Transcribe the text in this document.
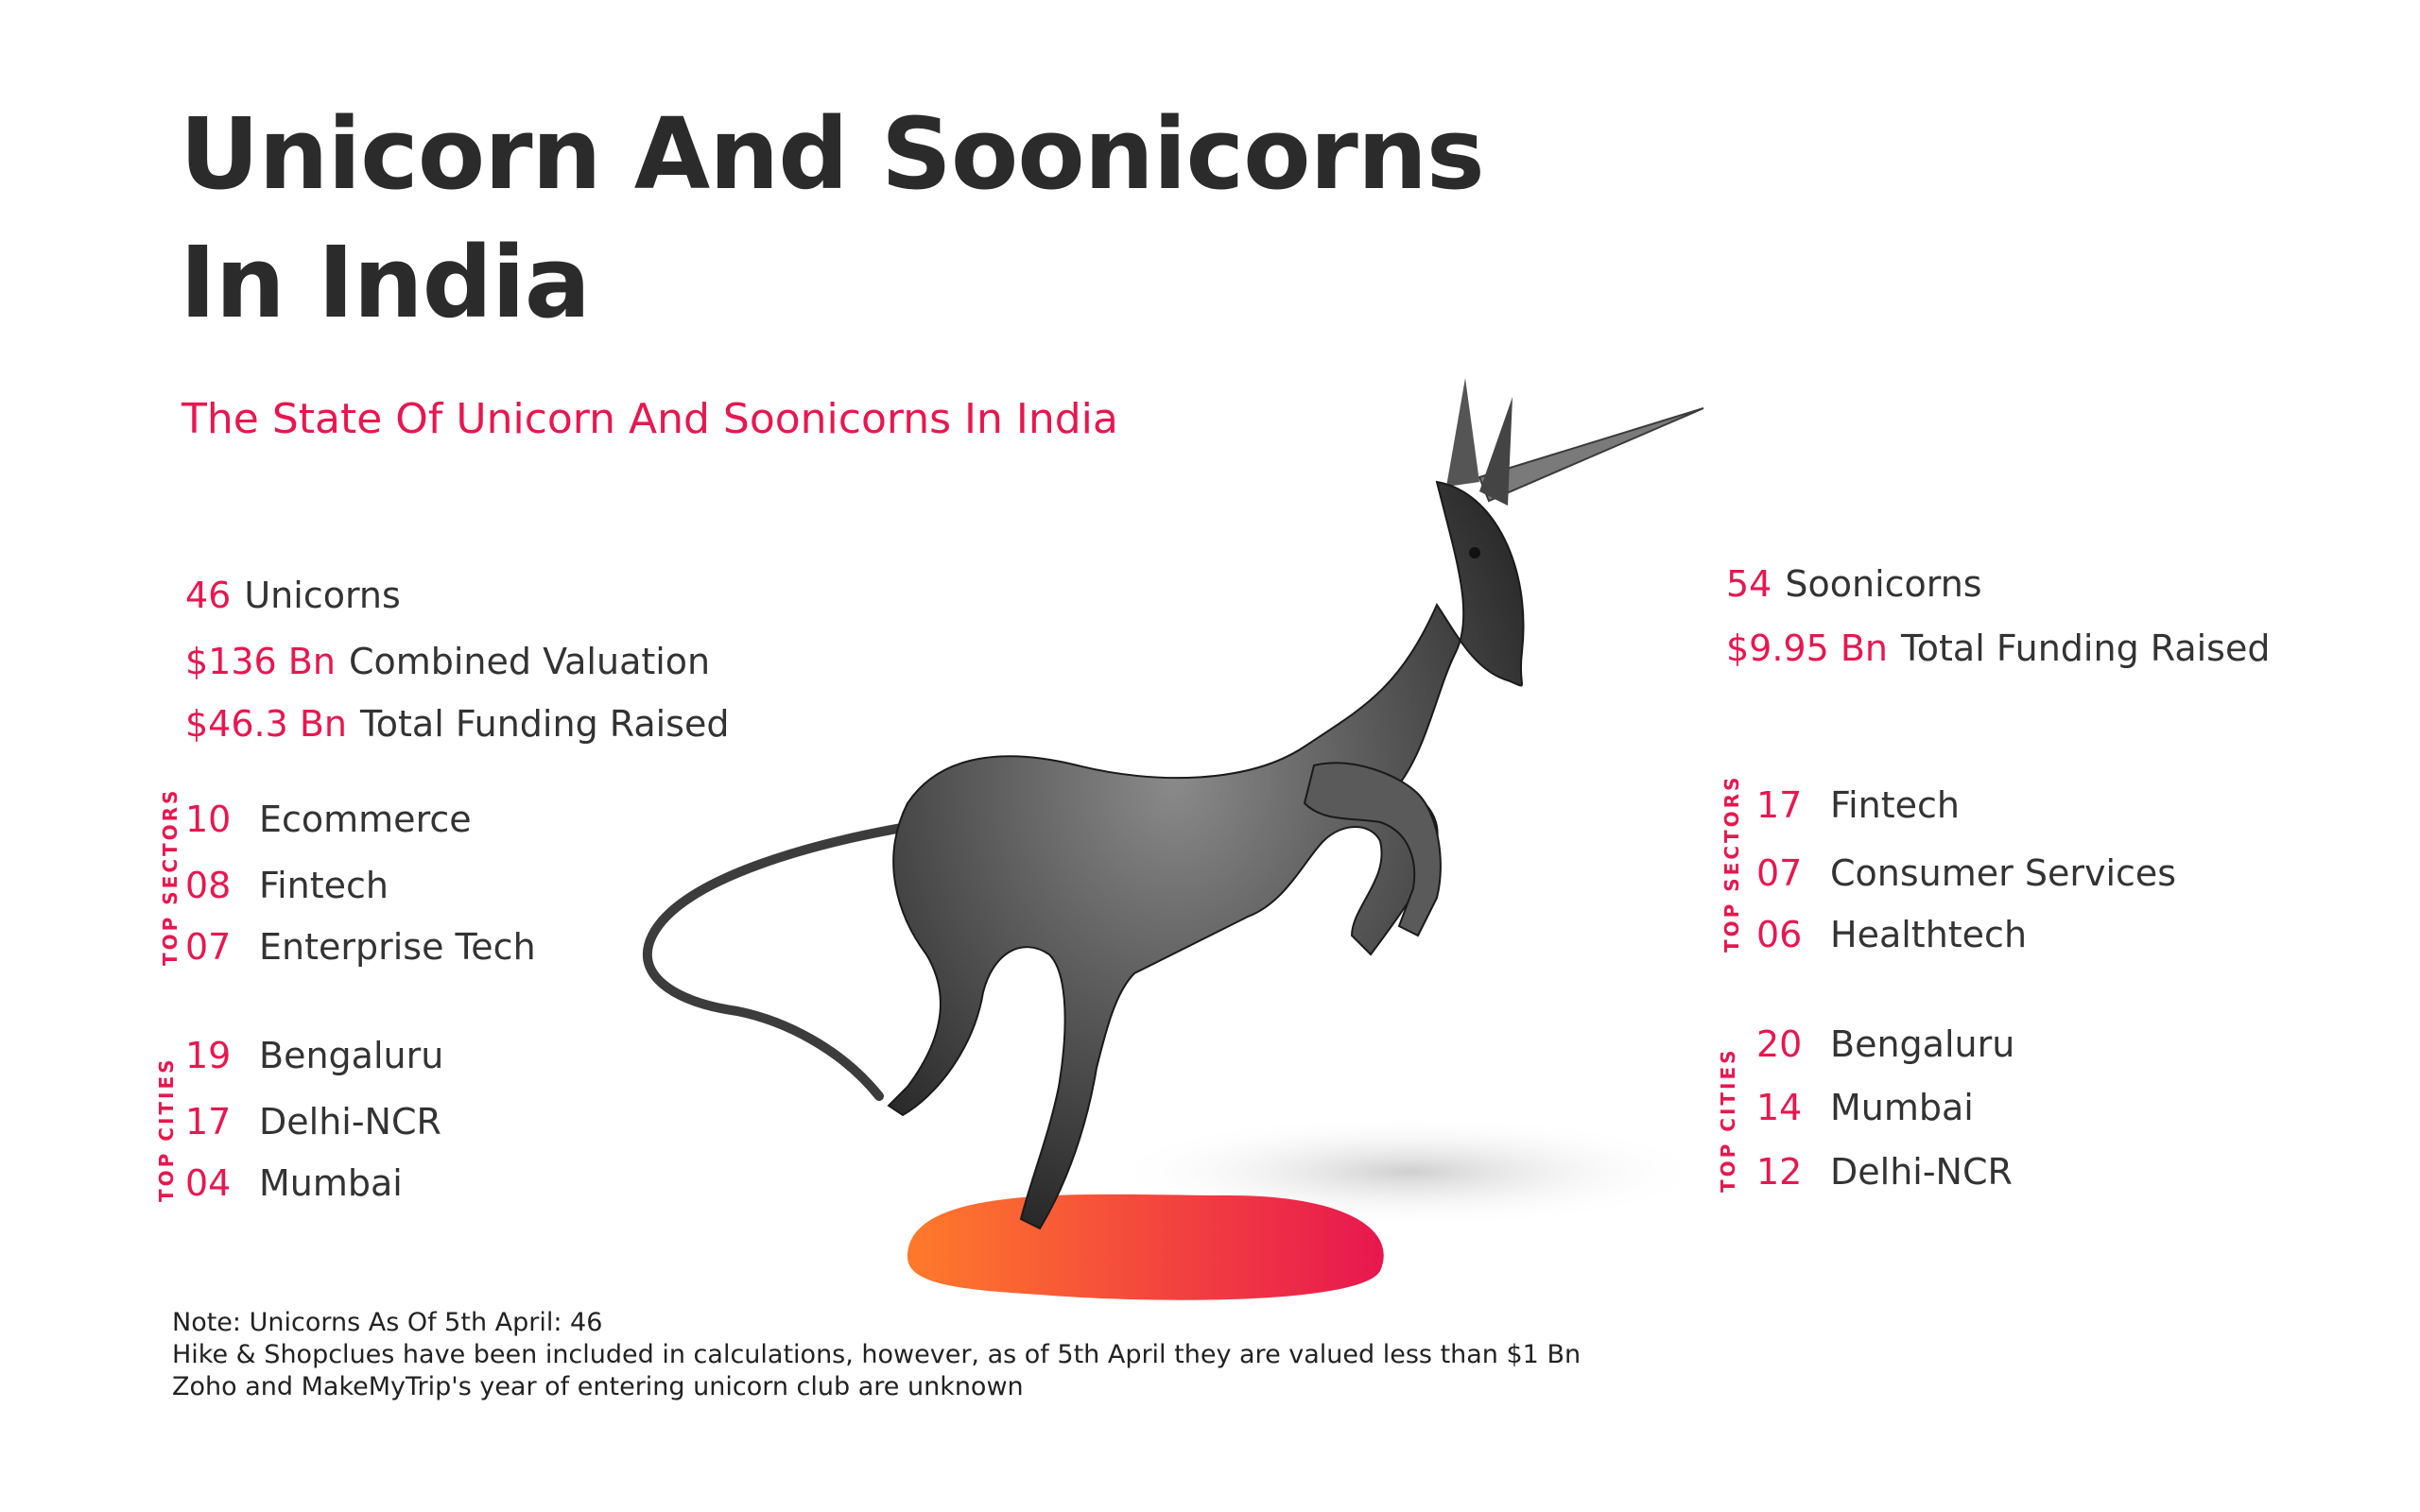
Unicorn And Soonicorns
In India
The State Of Unicorn And Soonicorns In India
46 Unicorns
$136 Bn Combined Valuation
$46.3 Bn Total Funding Raised
TOP SECTORS 10 Ecommerce
08 Fintech
07 Enterprise Tech
TOP CITIES
19 Bengaluru
17 Delhi-NCR
04 Mumbai
54 Soonicorns
$9.95 Bn Total Funding Raised
TOP SECTORS 17 Fintech
07 Consumer Services
06 Healthtech
TOP CITIES
20 Bengaluru
14 Mumbai
12 Delhi-NCR
Note: Unicorns As Of 5th April: 46
Hike & Shopclues have been included in calculations, however, as of 5th April they are valued less than $1 Bn
Zoho and MakeMyTrip's year of entering unicorn club are unknown
